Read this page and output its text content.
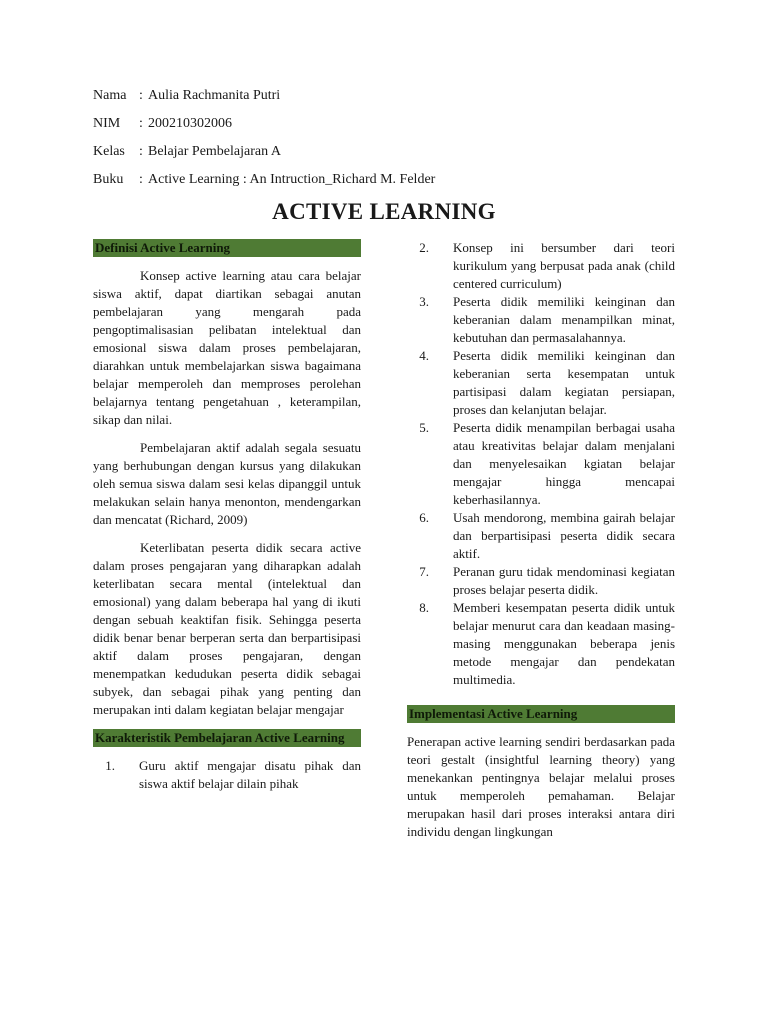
Nama : Aulia Rachmanita Putri
NIM : 200210302006
Kelas : Belajar Pembelajaran A
Buku : Active Learning : An Intruction_Richard M. Felder
ACTIVE LEARNING
Definisi Active Learning

Konsep active learning atau cara belajar siswa aktif, dapat diartikan sebagai anutan pembelajaran yang mengarah pada pengoptimalisasian pelibatan intelektual dan emosional siswa dalam proses pembelajaran, diarahkan untuk membelajarkan siswa bagaimana belajar memperoleh dan memproses perolehan belajarnya tentang pengetahuan , keterampilan, sikap dan nilai.

Pembelajaran aktif adalah segala sesuatu yang berhubungan dengan kursus yang dilakukan oleh semua siswa dalam sesi kelas dipanggil untuk melakukan selain hanya menonton, mendengarkan dan mencatat (Richard, 2009)

Keterlibatan peserta didik secara active dalam proses pengajaran yang diharapkan adalah keterlibatan secara mental (intelektual dan emosional) yang dalam beberapa hal yang di ikuti dengan sebuah keaktifan fisik. Sehingga peserta didik benar benar berperan serta dan berpartisipasi aktif dalam proses pengajaran, dengan menempatkan kedudukan peserta didik sebagai subyek, dan sebagai pihak yang penting dan merupakan inti dalam kegiatan belajar mengajar

Karakteristik Pembelajaran Active Learning
1.	Guru aktif mengajar disatu pihak dan siswa aktif belajar dilain pihak
2.	Konsep ini bersumber dari teori kurikulum yang berpusat pada anak (child centered curriculum)
3.	Peserta didik memiliki keinginan dan keberanian dalam menampilkan minat, kebutuhan dan permasalahannya.
4.	Peserta didik memiliki keinginan dan keberanian serta kesempatan untuk partisipasi dalam kegiatan persiapan, proses dan kelanjutan belajar.
5.	Peserta didik menampilan berbagai usaha atau kreativitas belajar dalam menjalani dan menyelesaikan kgiatan belajar mengajar hingga mencapai keberhasilannya.
6.	Usah mendorong, membina gairah belajar dan berpartisipasi peserta didik secara aktif.
7.	Peranan guru tidak mendominasi kegiatan proses belajar peserta didik.
8.	Memberi kesempatan peserta didik untuk belajar menurut cara dan keadaan masing-masing menggunakan beberapa jenis metode mengajar dan pendekatan multimedia.
Implementasi Active Learning

Penerapan active learning sendiri berdasarkan pada teori gestalt (insightful learning theory) yang menekankan pentingnya belajar melalui proses untuk memperoleh pemahaman. Belajar merupakan hasil dari proses interaksi antara diri individu dengan lingkungan
